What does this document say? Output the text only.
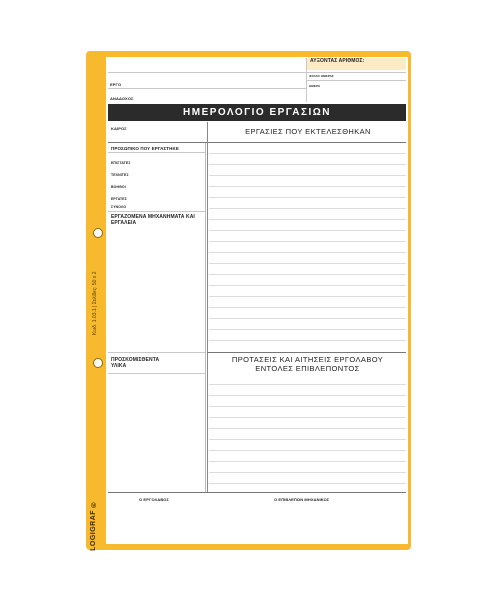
Κωδ. 1.03.1 | Σελίδες: 50 x 2
LOGIGRAF ®
ΑΥΞΟΝΤΑΣ ΑΡΙΘΜΟΣ:
ΦΥΛΛΟ ΗΜΕΡΑΣ
ΗΜΕΡΑ
ΕΡΓΟ
ΑΝΑΔΟΧΟΣ
ΗΜΕΡΟΛΟΓΙΟ ΕΡΓΑΣΙΩΝ
ΚΑΙΡΟΣ	ΕΡΓΑΣΙΕΣ ΠΟΥ ΕΚΤΕΛΕΣΘΗΚΑΝ
ΠΡΟΣΩΠΙΚΟ ΠΟΥ ΕΡΓΑΣΤΗΚΕ
ΕΠΙΣΤΑΤΕΣ
ΤΕΧΝΙΤΕΣ
ΒΟΗΘΟΙ
ΕΡΓΑΤΕΣ
ΣΥΝΟΛΟ
ΕΡΓΑΖΟΜΕΝΑ ΜΗΧΑΝΗΜΑΤΑ ΚΑΙ ΕΡΓΑΛΕΙΑ
ΠΡΟΣΚΟΜΙΣΘΕΝΤΑ ΥΛΙΚΑ
ΠΡΟΤΑΣΕΙΣ ΚΑΙ ΑΙΤΗΣΕΙΣ ΕΡΓΟΛΑΒΟΥ
ΕΝΤΟΛΕΣ ΕΠΙΒΛΕΠΟΝΤΟΣ
Ο ΕΡΓΟΛΑΒΟΣ	Ο ΕΠΙΒΛΕΠΩΝ ΜΗΧΑΝΙΚΟΣ
